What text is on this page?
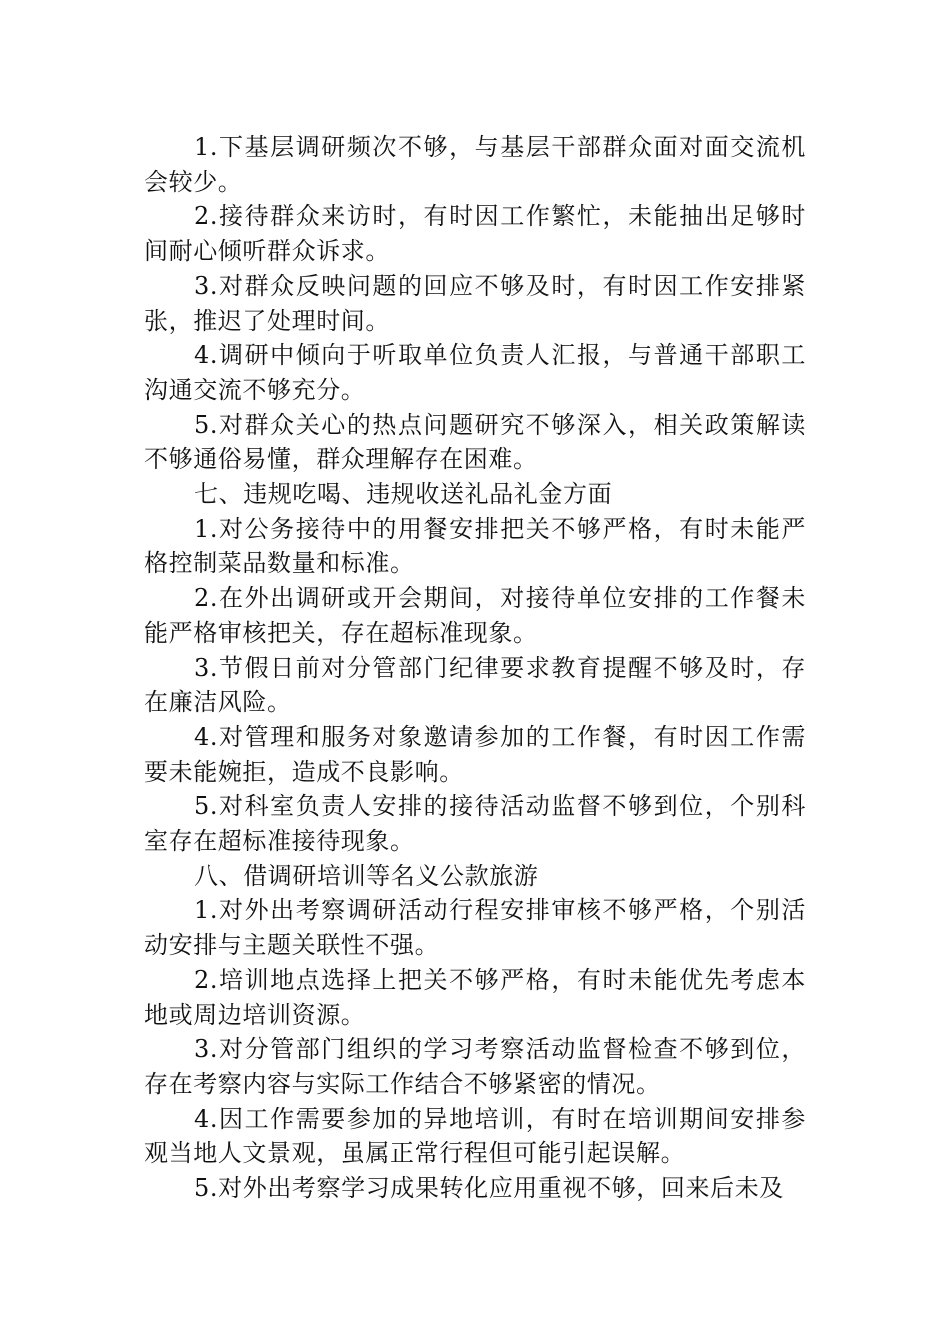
1.下基层调研频次不够，与基层干部群众面对面交流机会较少。

2.接待群众来访时，有时因工作繁忙，未能抽出足够时间耐心倾听群众诉求。

3.对群众反映问题的回应不够及时，有时因工作安排紧张，推迟了处理时间。

4.调研中倾向于听取单位负责人汇报，与普通干部职工沟通交流不够充分。

5.对群众关心的热点问题研究不够深入，相关政策解读不够通俗易懂，群众理解存在困难。

七、违规吃喝、违规收送礼品礼金方面

1.对公务接待中的用餐安排把关不够严格，有时未能严格控制菜品数量和标准。

2.在外出调研或开会期间，对接待单位安排的工作餐未能严格审核把关，存在超标准现象。

3.节假日前对分管部门纪律要求教育提醒不够及时，存在廉洁风险。

4.对管理和服务对象邀请参加的工作餐，有时因工作需要未能婉拒，造成不良影响。

5.对科室负责人安排的接待活动监督不够到位，个别科室存在超标准接待现象。

八、借调研培训等名义公款旅游

1.对外出考察调研活动行程安排审核不够严格，个别活动安排与主题关联性不强。

2.培训地点选择上把关不够严格，有时未能优先考虑本地或周边培训资源。

3.对分管部门组织的学习考察活动监督检查不够到位，存在考察内容与实际工作结合不够紧密的情况。

4.因工作需要参加的异地培训，有时在培训期间安排参观当地人文景观，虽属正常行程但可能引起误解。

5.对外出考察学习成果转化应用重视不够，回来后未及
